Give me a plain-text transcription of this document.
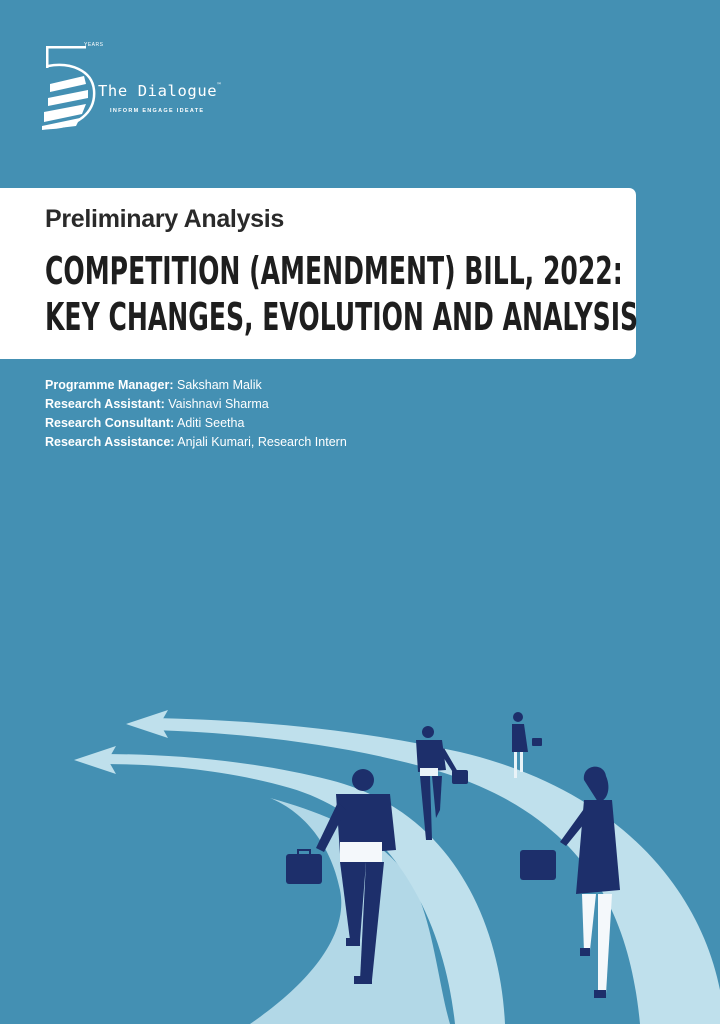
YEARS
The Dialogue™
INFORM ENGAGE IDEATE
Preliminary Analysis
COMPETITION (AMENDMENT) BILL, 2022:
KEY CHANGES, EVOLUTION AND ANALYSIS
Programme Manager: Saksham Malik
Research Assistant: Vaishnavi Sharma
Research Consultant: Aditi Seetha
Research Assistance: Anjali Kumari, Research Intern
